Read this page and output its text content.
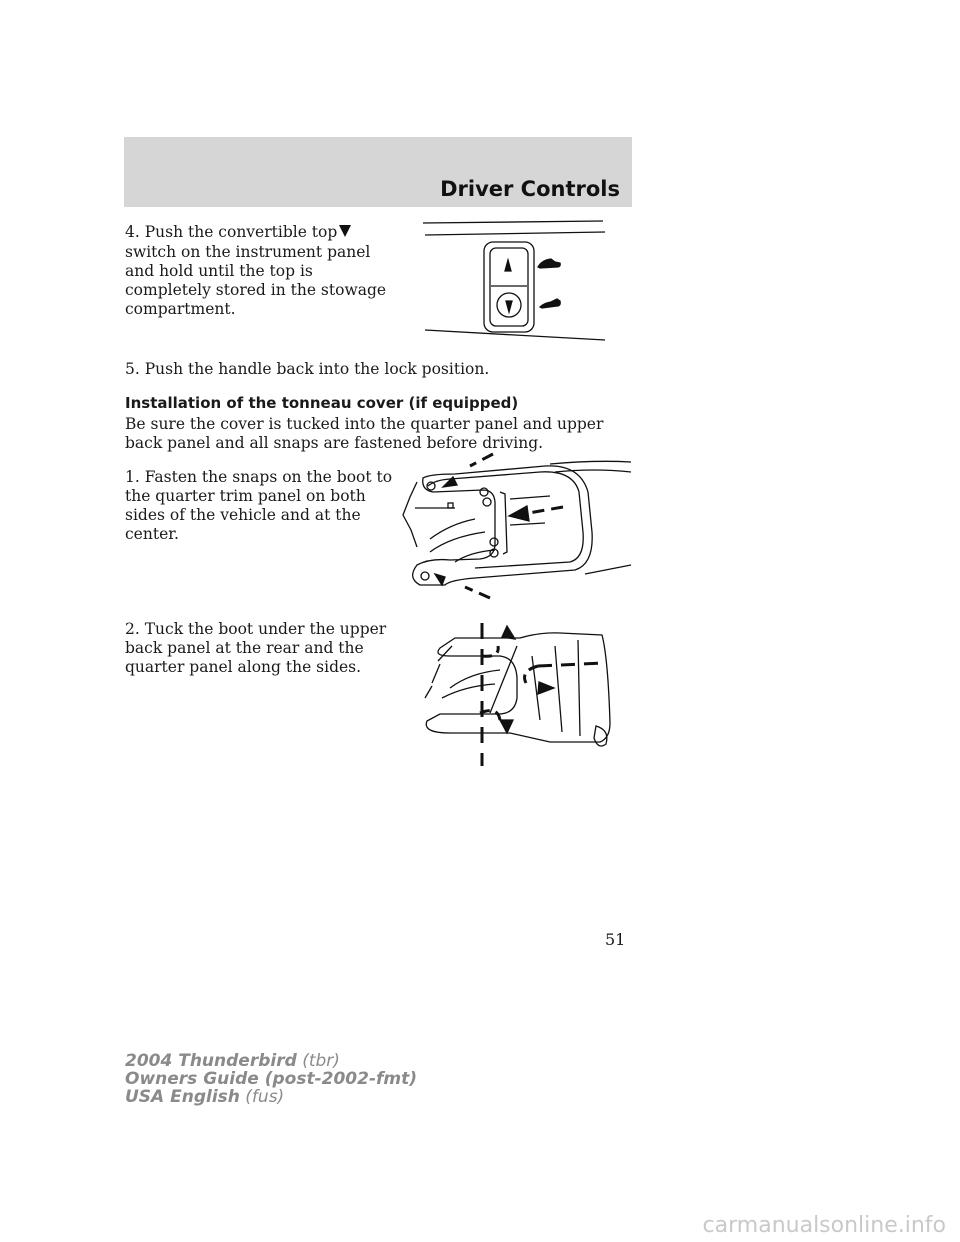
Driver Controls
4. Push the convertible top
switch on the instrument panel and hold until the top is completely stored in the stowage compartment.
5. Push the handle back into the lock position.
Installation of the tonneau cover (if equipped)
Be sure the cover is tucked into the quarter panel and upper back panel and all snaps are fastened before driving.
1. Fasten the snaps on the boot to the quarter trim panel on both sides of the vehicle and at the center.
2. Tuck the boot under the upper back panel at the rear and the quarter panel along the sides.
51
2004 Thunderbird (tbr)
Owners Guide (post-2002-fmt)
USA English (fus)
carmanualsonline.info
